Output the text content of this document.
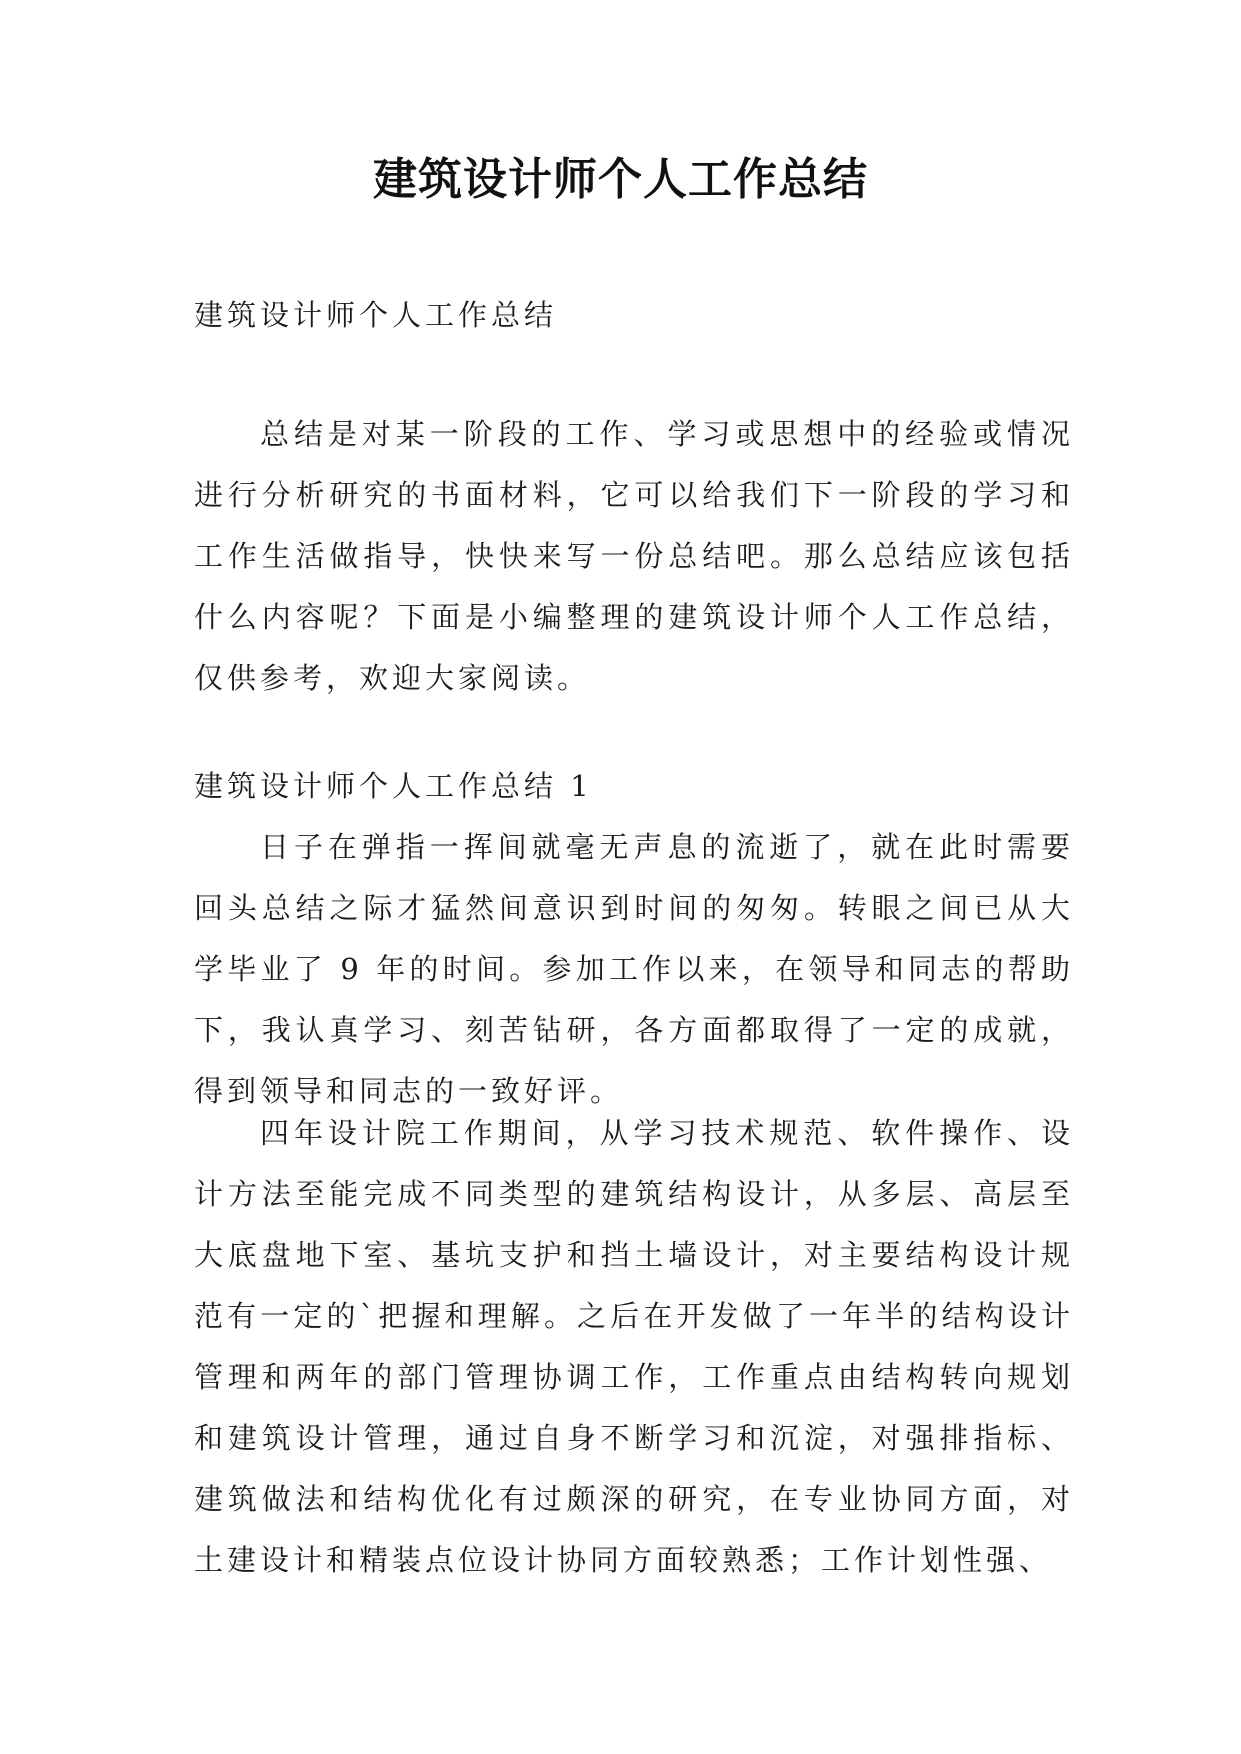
建筑设计师个人工作总结
建筑设计师个人工作总结

总结是对某一阶段的工作、学习或思想中的经验或情况进行分析研究的书面材料，它可以给我们下一阶段的学习和工作生活做指导，快快来写一份总结吧。那么总结应该包括什么内容呢？下面是小编整理的建筑设计师个人工作总结，仅供参考，欢迎大家阅读。

建筑设计师个人工作总结 1

日子在弹指一挥间就毫无声息的流逝了，就在此时需要回头总结之际才猛然间意识到时间的匆匆。转眼之间已从大学毕业了 9 年的时间。参加工作以来，在领导和同志的帮助下，我认真学习、刻苦钻研，各方面都取得了一定的成就，得到领导和同志的一致好评。

四年设计院工作期间，从学习技术规范、软件操作、设计方法至能完成不同类型的建筑结构设计，从多层、高层至大底盘地下室、基坑支护和挡土墙设计，对主要结构设计规范有一定的`把握和理解。之后在开发做了一年半的结构设计管理和两年的部门管理协调工作，工作重点由结构转向规划和建筑设计管理，通过自身不断学习和沉淀，对强排指标、建筑做法和结构优化有过颇深的研究，在专业协同方面，对土建设计和精装点位设计协同方面较熟悉；工作计划性强、
